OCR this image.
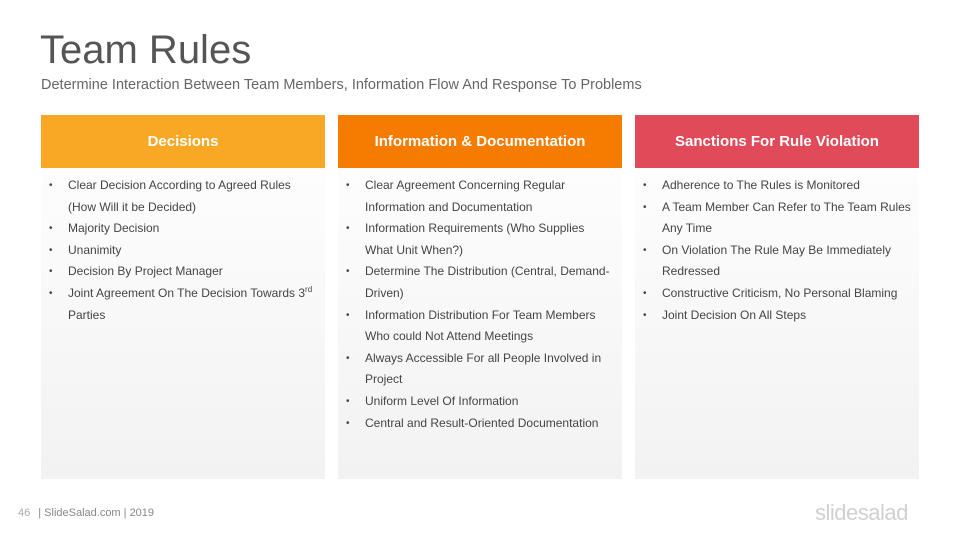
Team Rules
Determine Interaction Between Team Members, Information Flow And Response To Problems
Decisions
• Clear Decision According to Agreed Rules (How Will it be Decided)
• Majority Decision
• Unanimity
• Decision By Project Manager
• Joint Agreement On The Decision Towards 3rd Parties
Information & Documentation
• Clear Agreement Concerning Regular Information and Documentation
• Information Requirements (Who Supplies What Unit When?)
• Determine The Distribution (Central, Demand-Driven)
• Information Distribution For Team Members Who could Not Attend Meetings
• Always Accessible For all People Involved in Project
• Uniform Level Of Information
• Central and Result-Oriented Documentation
Sanctions For Rule Violation
• Adherence to The Rules is Monitored
• A Team Member Can Refer to The Team Rules Any Time
• On Violation The Rule May Be Immediately Redressed
• Constructive Criticism, No Personal Blaming
• Joint Decision On All Steps
46 | SlideSalad.com | 2019	slidesalad
